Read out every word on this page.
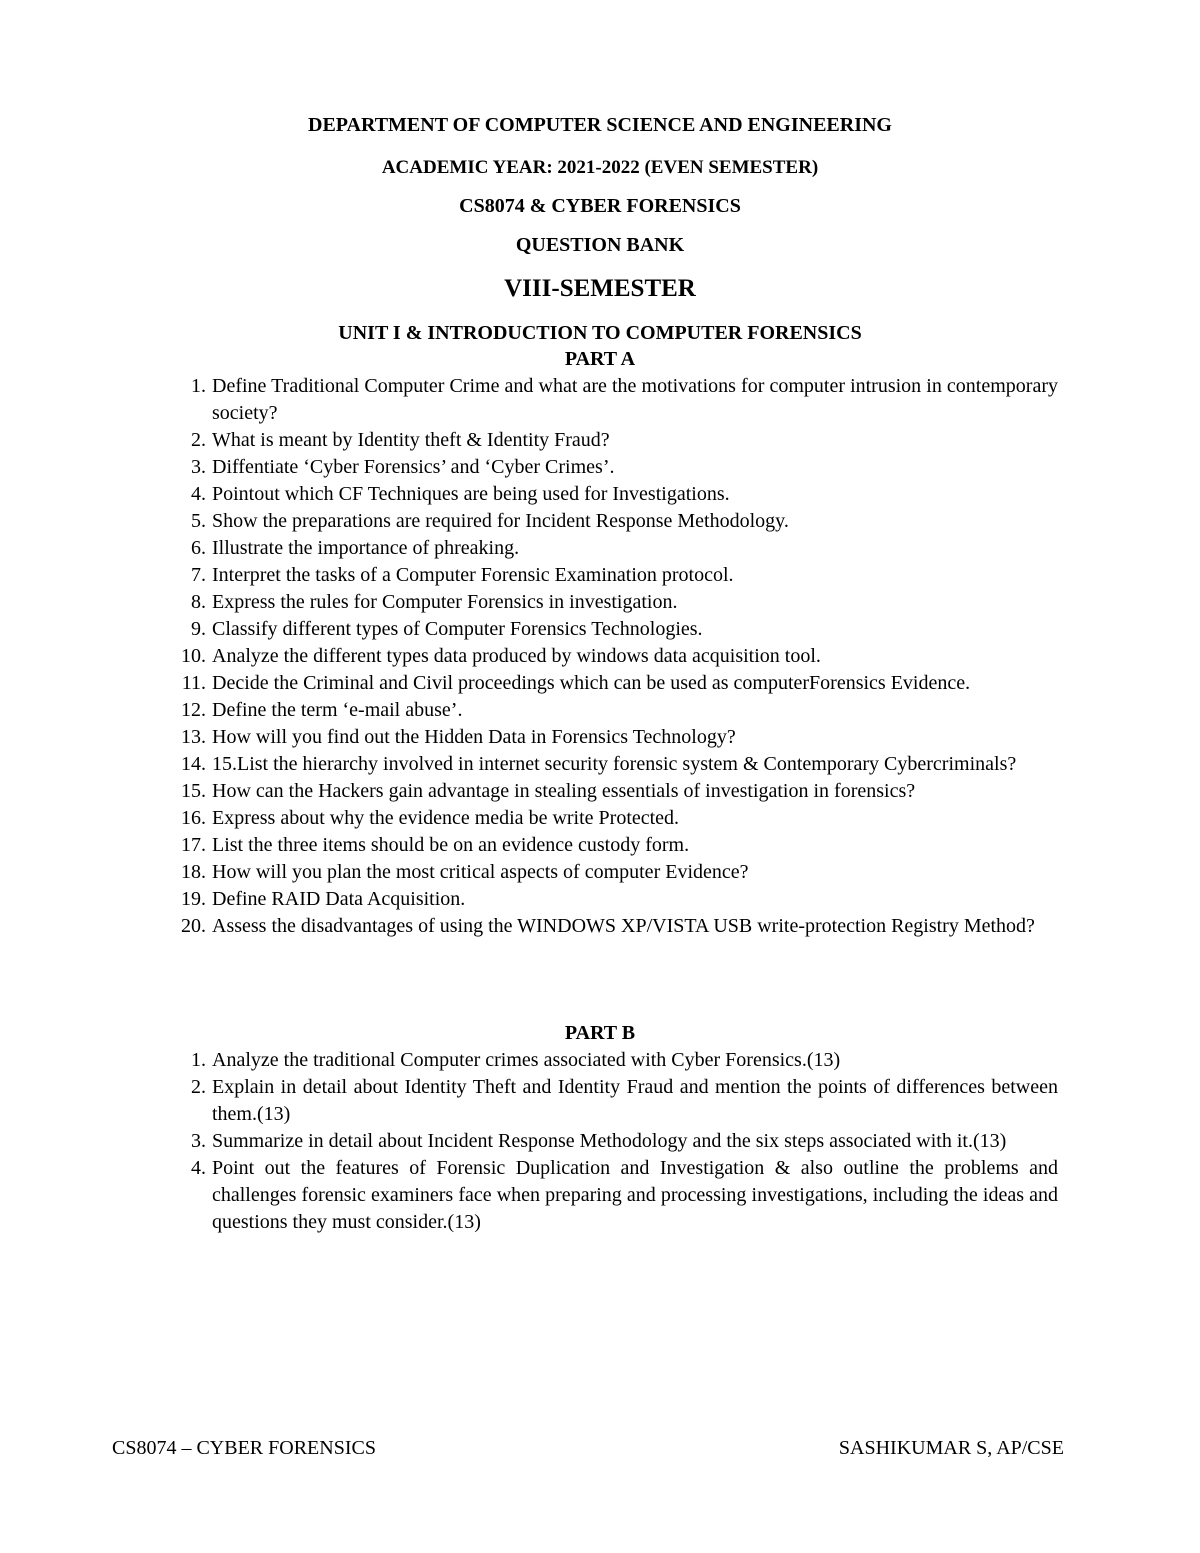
DEPARTMENT OF COMPUTER SCIENCE AND ENGINEERING
ACADEMIC YEAR: 2021-2022 (EVEN SEMESTER)
CS8074 & CYBER FORENSICS
QUESTION BANK
VIII-SEMESTER
UNIT I & INTRODUCTION TO COMPUTER FORENSICS
PART A
1. Define Traditional Computer Crime and what are the motivations for computer intrusion in contemporary society?
2. What is meant by Identity theft & Identity Fraud?
3. Diffentiate ‘Cyber Forensics’ and ‘Cyber Crimes’.
4. Pointout which CF Techniques are being used for Investigations.
5. Show the preparations are required for Incident Response Methodology.
6. Illustrate the importance of phreaking.
7. Interpret the tasks of a Computer Forensic Examination protocol.
8. Express the rules for Computer Forensics in investigation.
9. Classify different types of Computer Forensics Technologies.
10. Analyze the different types data produced by windows data acquisition tool.
11. Decide the Criminal and Civil proceedings which can be used as computerForensics Evidence.
12. Define the term ‘e-mail abuse’.
13. How will you find out the Hidden Data in Forensics Technology?
14. 15.List the hierarchy involved in internet security forensic system & Contemporary Cybercriminals?
15. How can the Hackers gain advantage in stealing essentials of investigation in forensics?
16. Express about why the evidence media be write Protected.
17. List the three items should be on an evidence custody form.
18. How will you plan the most critical aspects of computer Evidence?
19. Define RAID Data Acquisition.
20. Assess the disadvantages of using the WINDOWS XP/VISTA USB write-protection Registry Method?
PART B
1. Analyze the traditional Computer crimes associated with Cyber Forensics.(13)
2. Explain in detail about Identity Theft and Identity Fraud and mention the points of differences between them.(13)
3. Summarize in detail about Incident Response Methodology and the six steps associated with it.(13)
4. Point out the features of Forensic Duplication and Investigation & also outline the problems and challenges forensic examiners face when preparing and processing investigations, including the ideas and questions they must consider.(13)
CS8074 – CYBER FORENSICS	SASHIKUMAR S, AP/CSE
